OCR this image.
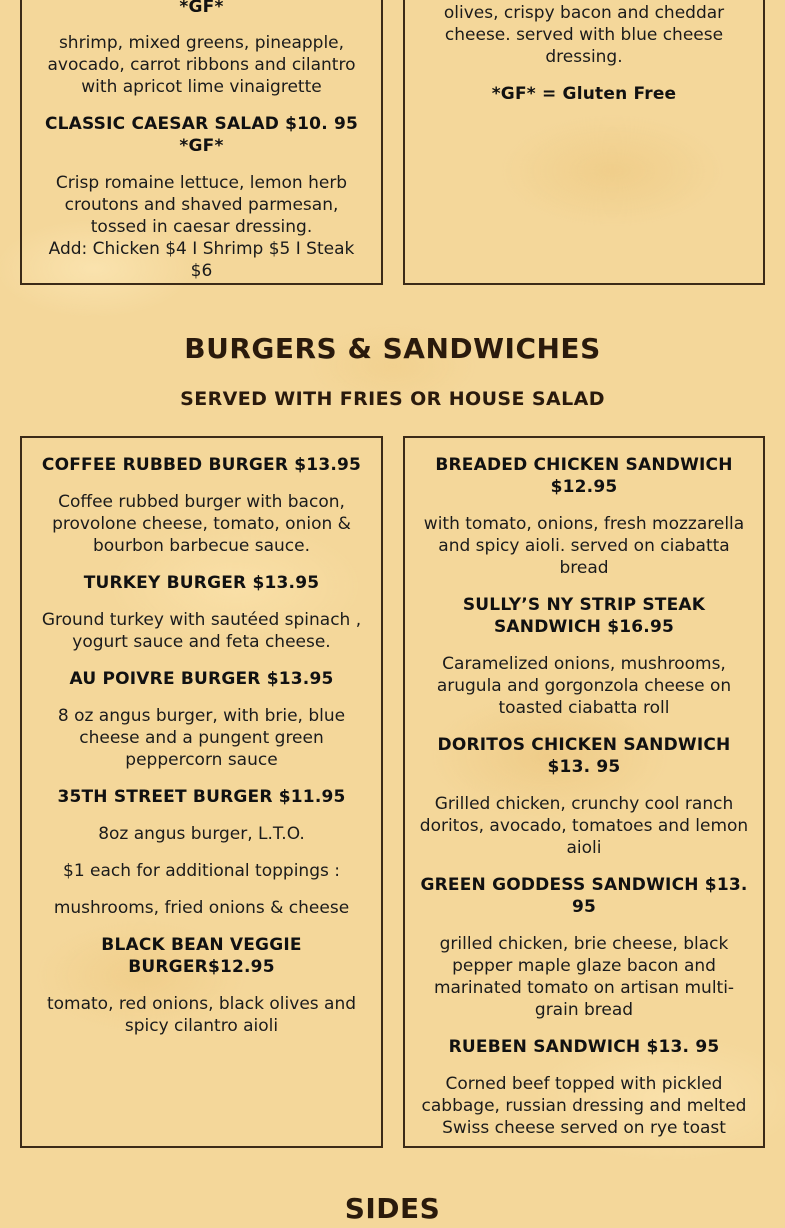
*GF*
shrimp, mixed greens, pineapple, avocado, carrot ribbons and cilantro with apricot lime vinaigrette
CLASSIC CAESAR SALAD $10. 95 *GF*
Crisp romaine lettuce, lemon herb croutons and shaved parmesan, tossed in caesar dressing.
Add: Chicken $4 I Shrimp $5 I Steak $6
olives, crispy bacon and cheddar cheese. served with blue cheese dressing.
*GF* = Gluten Free
BURGERS & SANDWICHES
SERVED WITH FRIES OR HOUSE SALAD
COFFEE RUBBED BURGER $13.95
Coffee rubbed burger with bacon, provolone cheese, tomato, onion & bourbon barbecue sauce.
TURKEY BURGER $13.95
Ground turkey with sautéed spinach , yogurt sauce and feta cheese.
AU POIVRE BURGER $13.95
8 oz angus burger, with brie, blue cheese and a pungent green peppercorn sauce
35TH STREET BURGER $11.95
8oz angus burger, L.T.O.
$1 each for additional toppings :
mushrooms, fried onions & cheese
BLACK BEAN VEGGIE BURGER$12.95
tomato, red onions, black olives and spicy cilantro aioli
BREADED CHICKEN SANDWICH $12.95
with tomato, onions, fresh mozzarella and spicy aioli. served on ciabatta bread
SULLY’S NY STRIP STEAK SANDWICH $16.95
Caramelized onions, mushrooms, arugula and gorgonzola cheese on toasted ciabatta roll
DORITOS CHICKEN SANDWICH $13. 95
Grilled chicken, crunchy cool ranch doritos, avocado, tomatoes and lemon aioli
GREEN GODDESS SANDWICH $13. 95
grilled chicken, brie cheese, black pepper maple glaze bacon and marinated tomato on artisan multi-grain bread
RUEBEN SANDWICH $13. 95
Corned beef topped with pickled cabbage, russian dressing and melted Swiss cheese served on rye toast
SIDES
